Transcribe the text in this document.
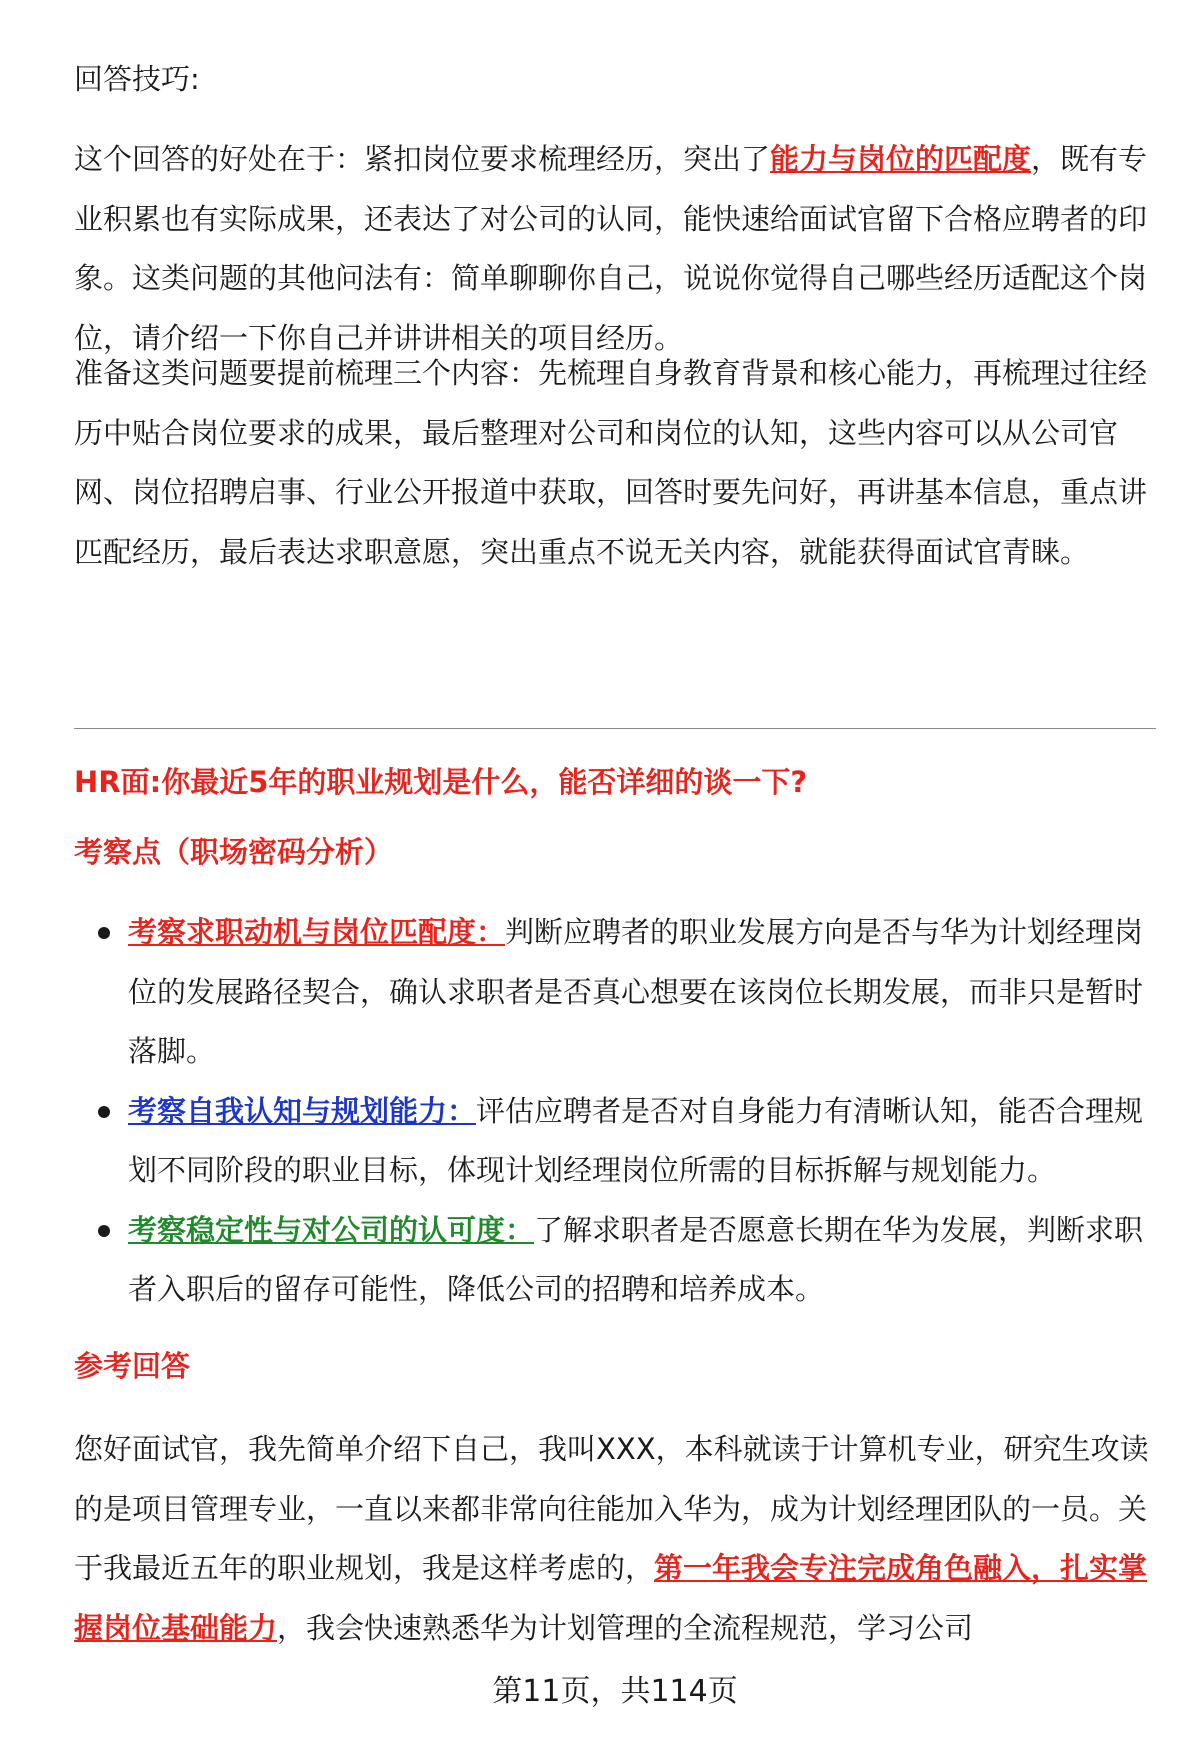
回答技巧:

这个回答的好处在于：紧扣岗位要求梳理经历，突出了能力与岗位的匹配度，既有专业积累也有实际成果，还表达了对公司的认同，能快速给面试官留下合格应聘者的印象。这类问题的其他问法有：简单聊聊你自己，说说你觉得自己哪些经历适配这个岗位，请介绍一下你自己并讲讲相关的项目经历。

准备这类问题要提前梳理三个内容：先梳理自身教育背景和核心能力，再梳理过往经历中贴合岗位要求的成果，最后整理对公司和岗位的认知，这些内容可以从公司官网、岗位招聘启事、行业公开报道中获取，回答时要先问好，再讲基本信息，重点讲匹配经历，最后表达求职意愿，突出重点不说无关内容，就能获得面试官青睐。

HR面:你最近5年的职业规划是什么，能否详细的谈一下?
考察点（职场密码分析）
考察求职动机与岗位匹配度：判断应聘者的职业发展方向是否与华为计划经理岗位的发展路径契合，确认求职者是否真心想要在该岗位长期发展，而非只是暂时落脚。
考察自我认知与规划能力：评估应聘者是否对自身能力有清晰认知，能否合理规划不同阶段的职业目标，体现计划经理岗位所需的目标拆解与规划能力。
考察稳定性与对公司的认可度：了解求职者是否愿意长期在华为发展，判断求职者入职后的留存可能性，降低公司的招聘和培养成本。
参考回答

您好面试官，我先简单介绍下自己，我叫XXX，本科就读于计算机专业，研究生攻读的是项目管理专业，一直以来都非常向往能加入华为，成为计划经理团队的一员。关于我最近五年的职业规划，我是这样考虑的，第一年我会专注完成角色融入，扎实掌握岗位基础能力，我会快速熟悉华为计划管理的全流程规范，学习公司

第11页，共114页
